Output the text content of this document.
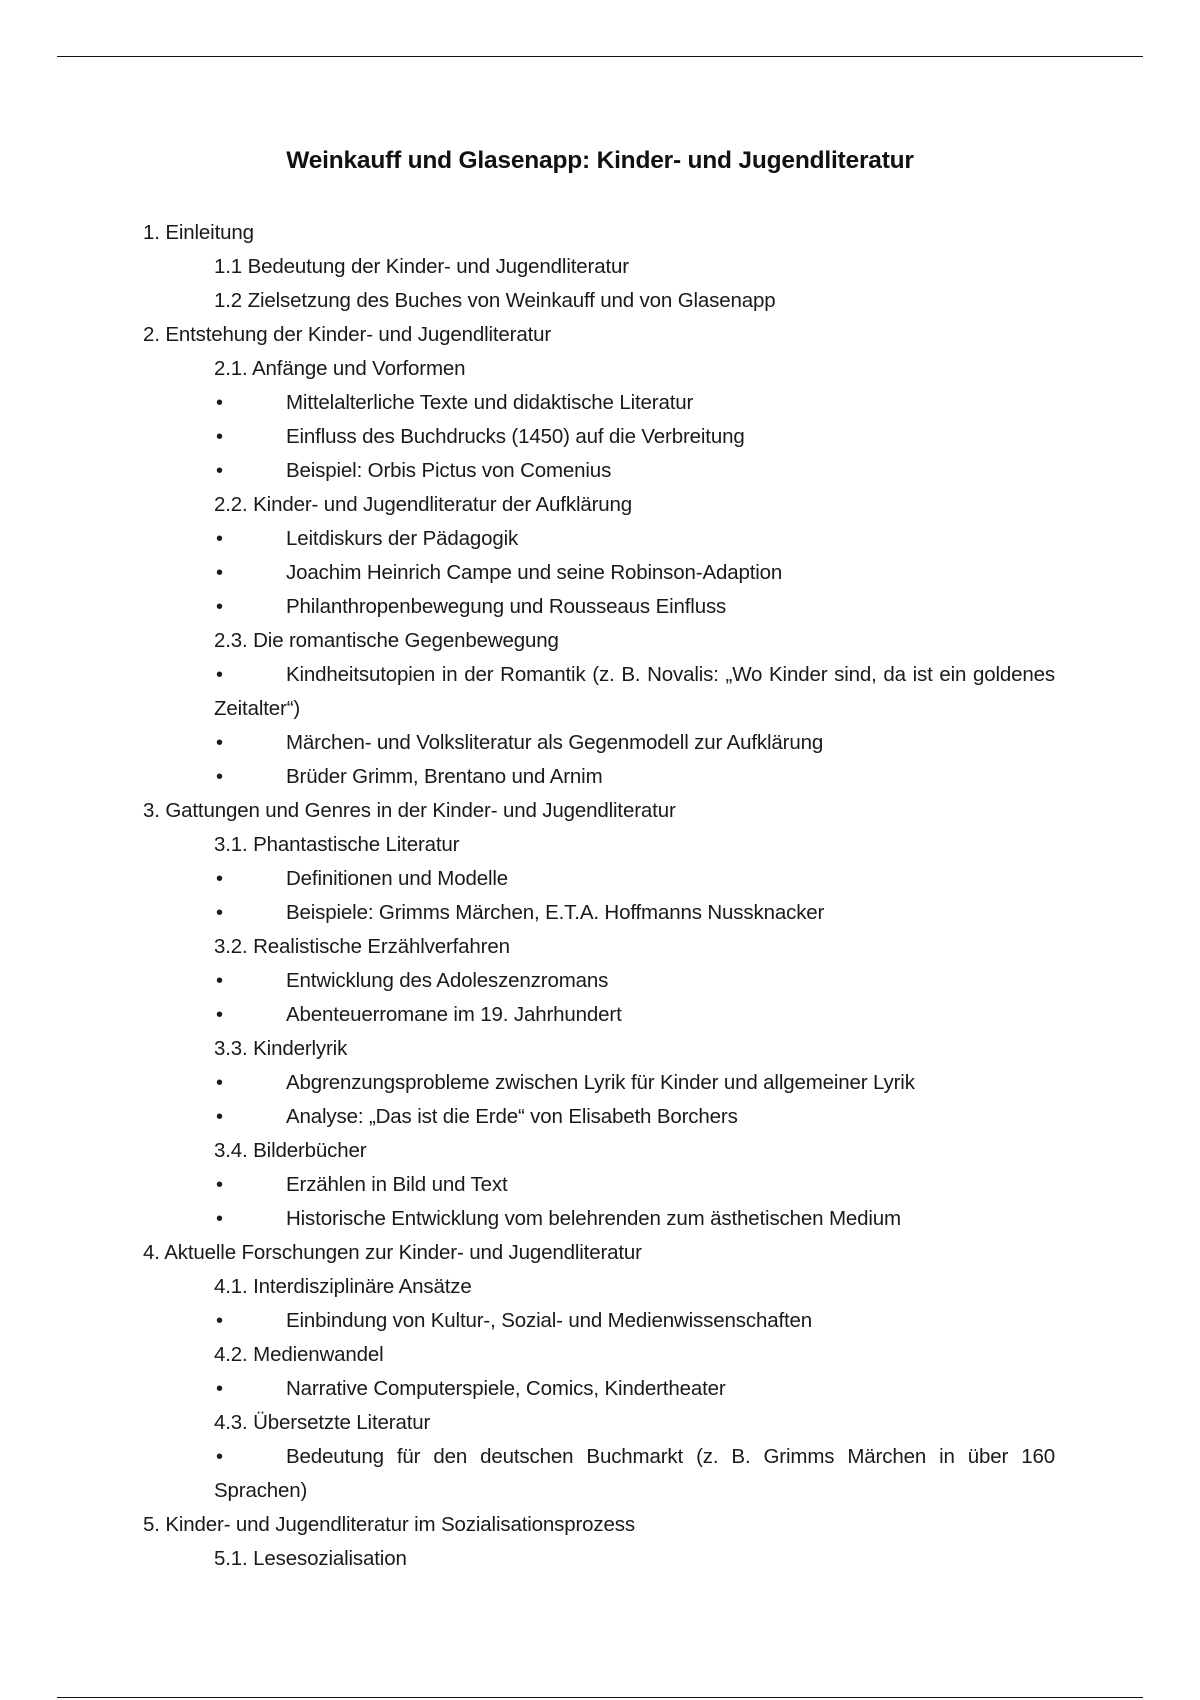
Weinkauff und Glasenapp: Kinder- und Jugendliteratur
1. Einleitung
1.1 Bedeutung der Kinder- und Jugendliteratur
1.2 Zielsetzung des Buches von Weinkauff und von Glasenapp
2. Entstehung der Kinder- und Jugendliteratur
2.1. Anfänge und Vorformen
•	Mittelalterliche Texte und didaktische Literatur
•	Einfluss des Buchdrucks (1450) auf die Verbreitung
•	Beispiel: Orbis Pictus von Comenius
2.2. Kinder- und Jugendliteratur der Aufklärung
•	Leitdiskurs der Pädagogik
•	Joachim Heinrich Campe und seine Robinson-Adaption
•	Philanthropenbewegung und Rousseaus Einfluss
2.3. Die romantische Gegenbewegung
•	Kindheitsutopien in der Romantik (z. B. Novalis: „Wo Kinder sind, da ist ein goldenes Zeitalter“)
•	Märchen- und Volksliteratur als Gegenmodell zur Aufklärung
•	Brüder Grimm, Brentano und Arnim
3. Gattungen und Genres in der Kinder- und Jugendliteratur
3.1. Phantastische Literatur
•	Definitionen und Modelle
•	Beispiele: Grimms Märchen, E.T.A. Hoffmanns Nussknacker
3.2. Realistische Erzählverfahren
•	Entwicklung des Adoleszenzromans
•	Abenteuerromane im 19. Jahrhundert
3.3. Kinderlyrik
•	Abgrenzungsprobleme zwischen Lyrik für Kinder und allgemeiner Lyrik
•	Analyse: „Das ist die Erde“ von Elisabeth Borchers
3.4. Bilderbücher
•	Erzählen in Bild und Text
•	Historische Entwicklung vom belehrenden zum ästhetischen Medium
4. Aktuelle Forschungen zur Kinder- und Jugendliteratur
4.1. Interdisziplinäre Ansätze
•	Einbindung von Kultur-, Sozial- und Medienwissenschaften
4.2. Medienwandel
•	Narrative Computerspiele, Comics, Kindertheater
4.3. Übersetzte Literatur
•	Bedeutung für den deutschen Buchmarkt (z. B. Grimms Märchen in über 160 Sprachen)
5. Kinder- und Jugendliteratur im Sozialisationsprozess
5.1. Lesesozialisation
